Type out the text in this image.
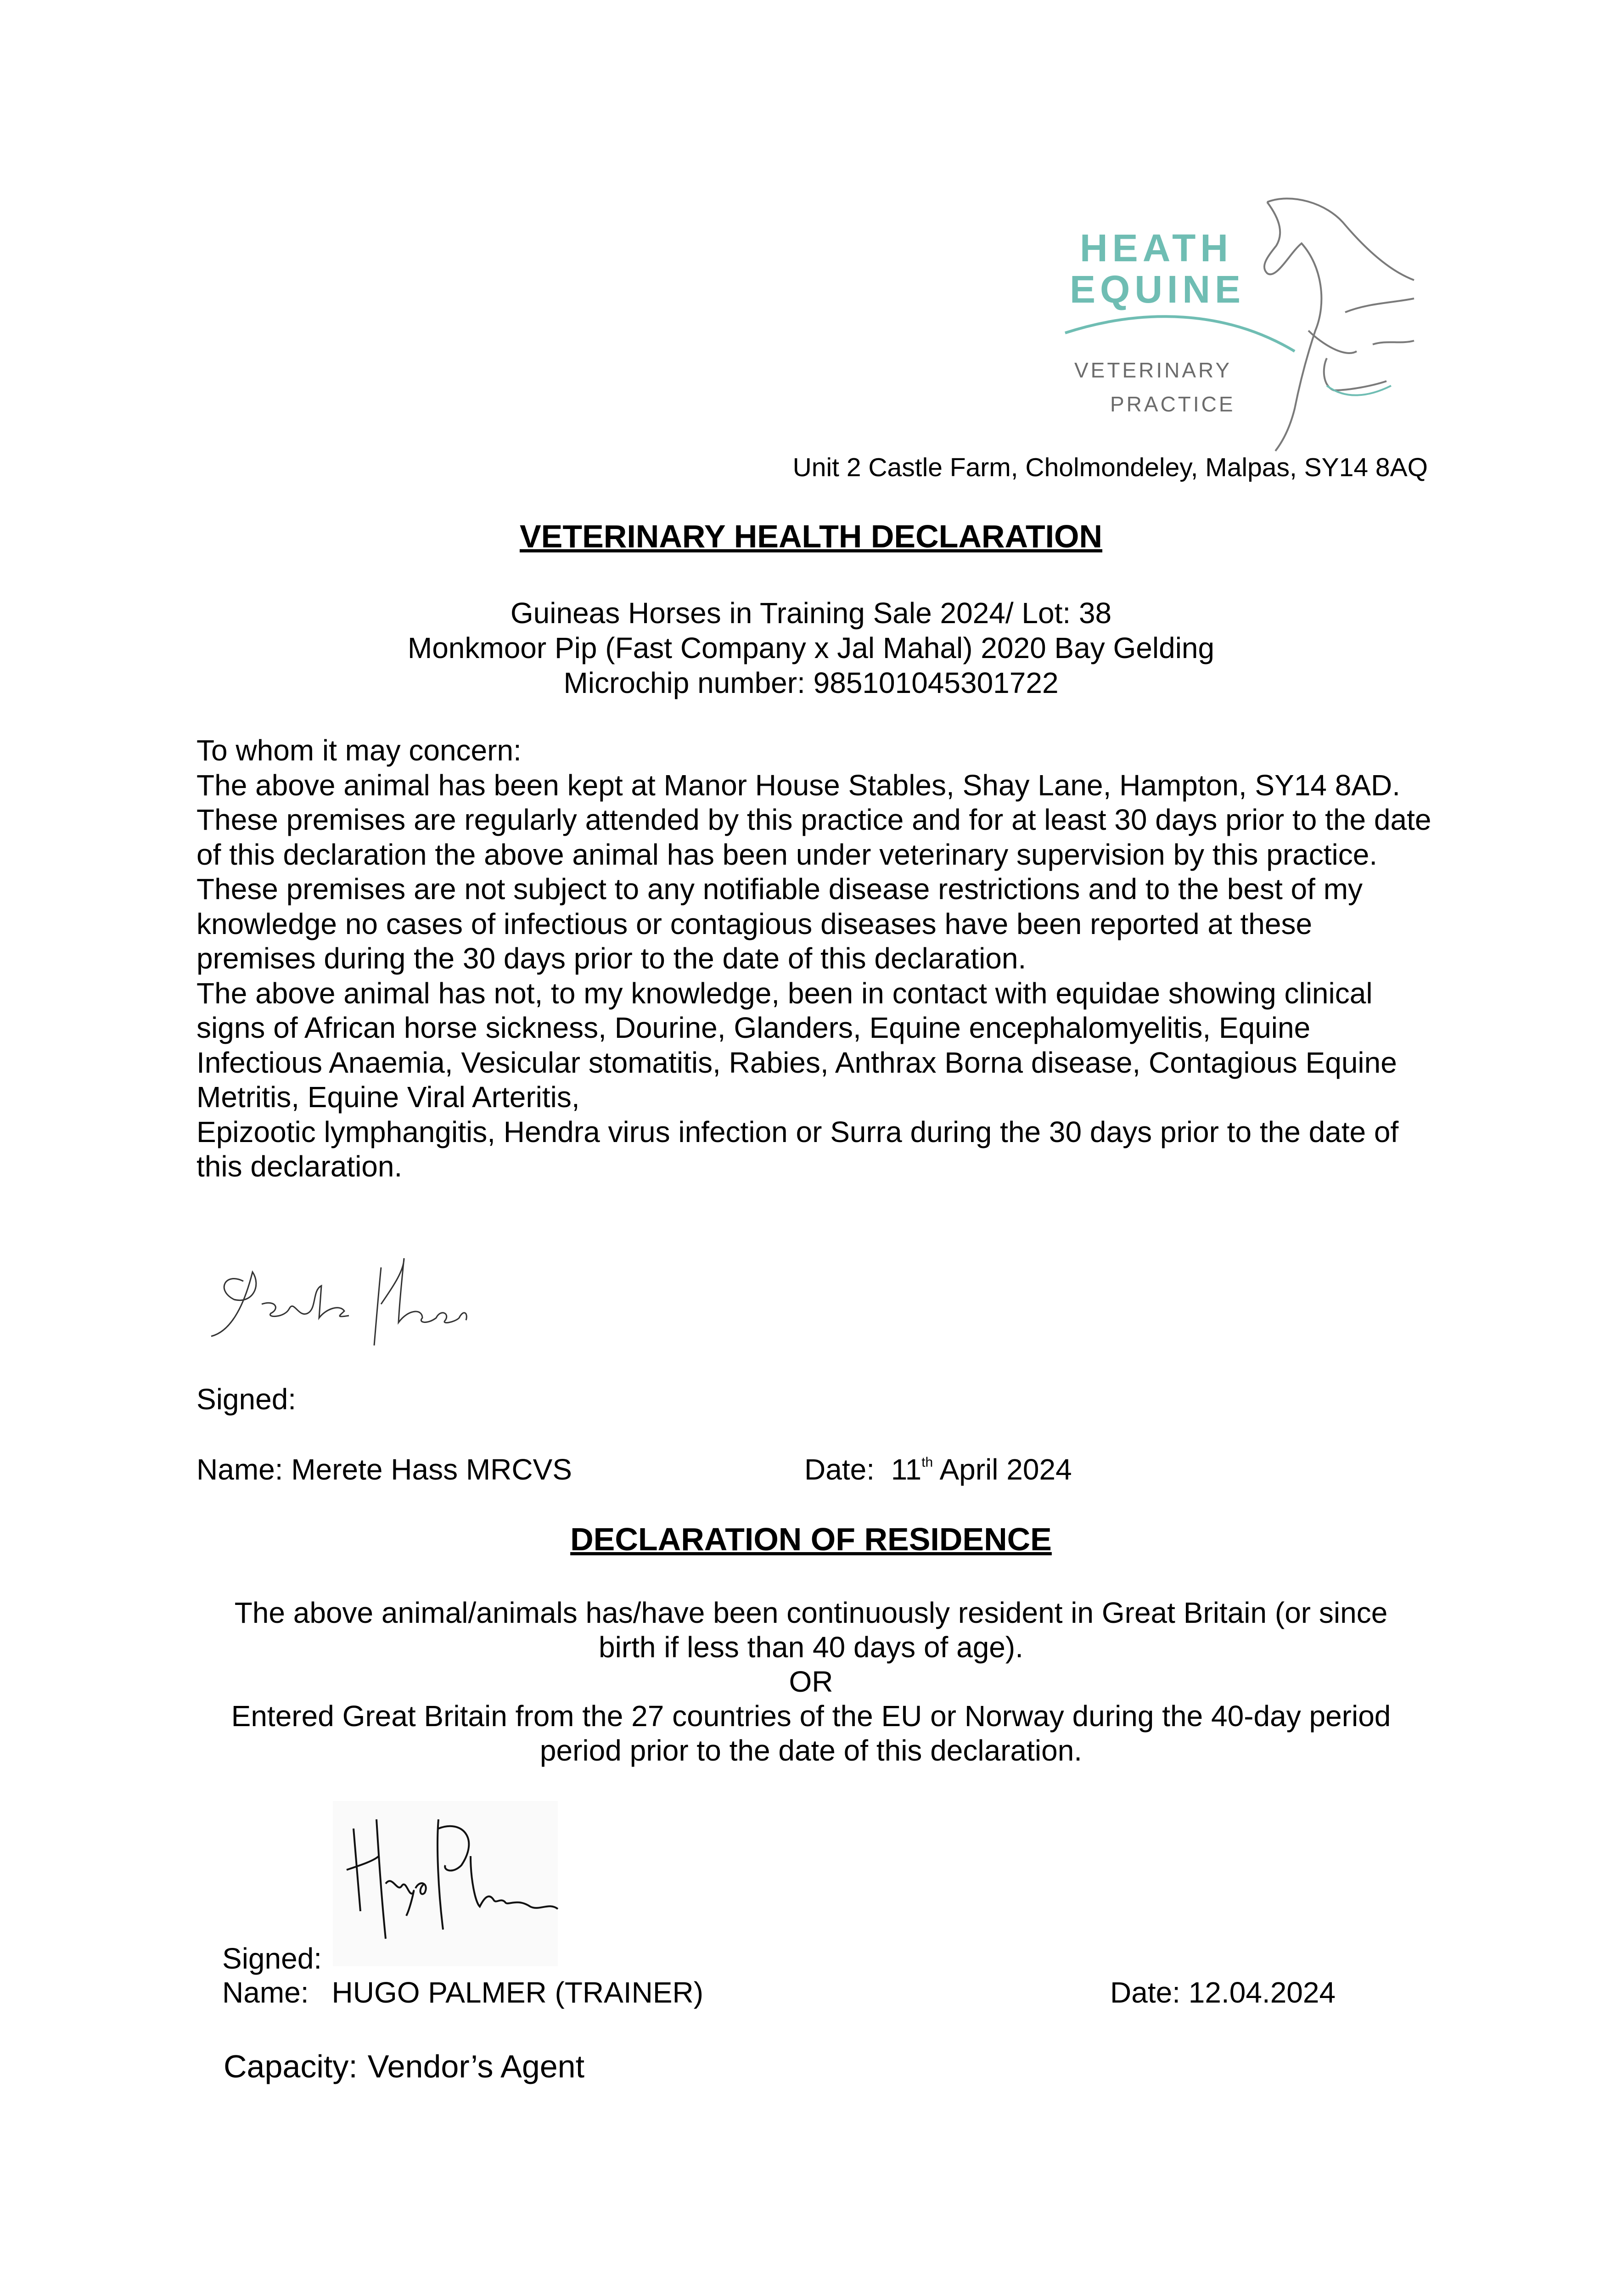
HEATH
EQUINE
VETERINARY
PRACTICE
Unit 2 Castle Farm, Cholmondeley, Malpas, SY14 8AQ
VETERINARY HEALTH DECLARATION
Guineas Horses in Training Sale 2024/ Lot: 38
Monkmoor Pip (Fast Company x Jal Mahal) 2020 Bay Gelding
Microchip number: 985101045301722

To whom it may concern:

The above animal has been kept at Manor House Stables, Shay Lane, Hampton, SY14 8AD. These premises are regularly attended by this practice and for at least 30 days prior to the date of this declaration the above animal has been under veterinary supervision by this practice.

These premises are not subject to any notifiable disease restrictions and to the best of my knowledge no cases of infectious or contagious diseases have been reported at these premises during the 30 days prior to the date of this declaration.

The above animal has not, to my knowledge, been in contact with equidae showing clinical signs of African horse sickness, Dourine, Glanders, Equine encephalomyelitis, Equine Infectious Anaemia, Vesicular stomatitis, Rabies, Anthrax Borna disease, Contagious Equine Metritis, Equine Viral Arteritis,

Epizootic lymphangitis, Hendra virus infection or Surra during the 30 days prior to the date of this declaration.

Signed:
Name: Merete Hass MRCVS	Date: 11th April 2024
DECLARATION OF RESIDENCE

The above animal/animals has/have been continuously resident in Great Britain (or since birth if less than 40 days of age).

OR

Entered Great Britain from the 27 countries of the EU or Norway during the 40-day period period prior to the date of this declaration.

Signed:
Name: HUGO PALMER (TRAINER)	Date: 12.04.2024
Capacity: Vendor’s Agent
